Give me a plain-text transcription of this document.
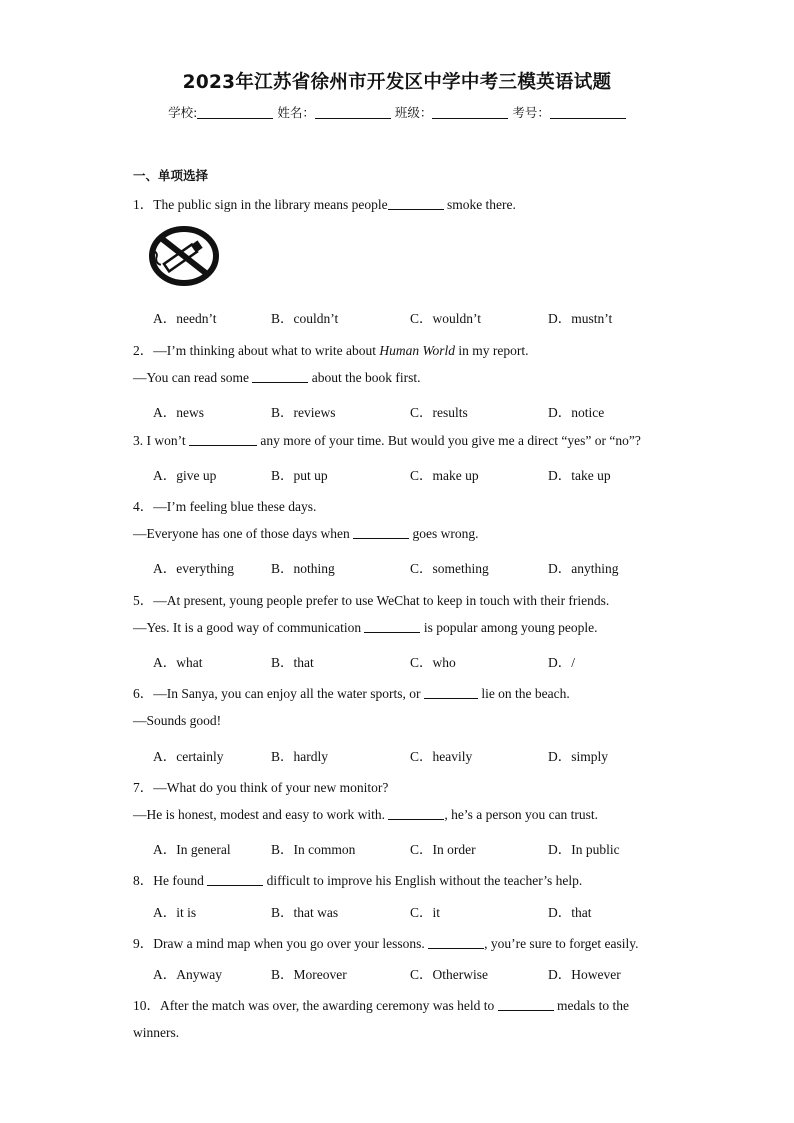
2023年江苏省徐州市开发区中学中考三模英语试题
学校:	姓名：	班级：	考号：
一、单项选择
1．The public sign in the library means people	smoke there.
A．needn’t	B．couldn’t	C．wouldn’t	D．mustn’t
2．—I’m thinking about what to write about Human World in my report.
—You can read some	about the book first.
A．news	B．reviews	C．results	D．notice
3. I won’t	any more of your time. But would you give me a direct “yes” or “no”?
A．give up	B．put up	C．make up	D．take up
4．—I’m feeling blue these days.
—Everyone has one of those days when	goes wrong.
A．everything	B．nothing	C．something	D．anything
5．—At present, young people prefer to use WeChat to keep in touch with their friends.
—Yes. It is a good way of communication	is popular among young people.
A．what	B．that	C．who	D．/
6．—In Sanya, you can enjoy all the water sports, or	lie on the beach.
—Sounds good!
A．certainly	B．hardly	C．heavily	D．simply
7．—What do you think of your new monitor?
—He is honest, modest and easy to work with.	, he’s a person you can trust.
A．In general	B．In common	C．In order	D．In public
8．He found	difficult to improve his English without the teacher’s help.
A．it is	B．that was	C．it	D．that
9．Draw a mind map when you go over your lessons.	, you’re sure to forget easily.
A．Anyway	B．Moreover	C．Otherwise	D．However
10．After the match was over, the awarding ceremony was held to	medals to the
winners.
